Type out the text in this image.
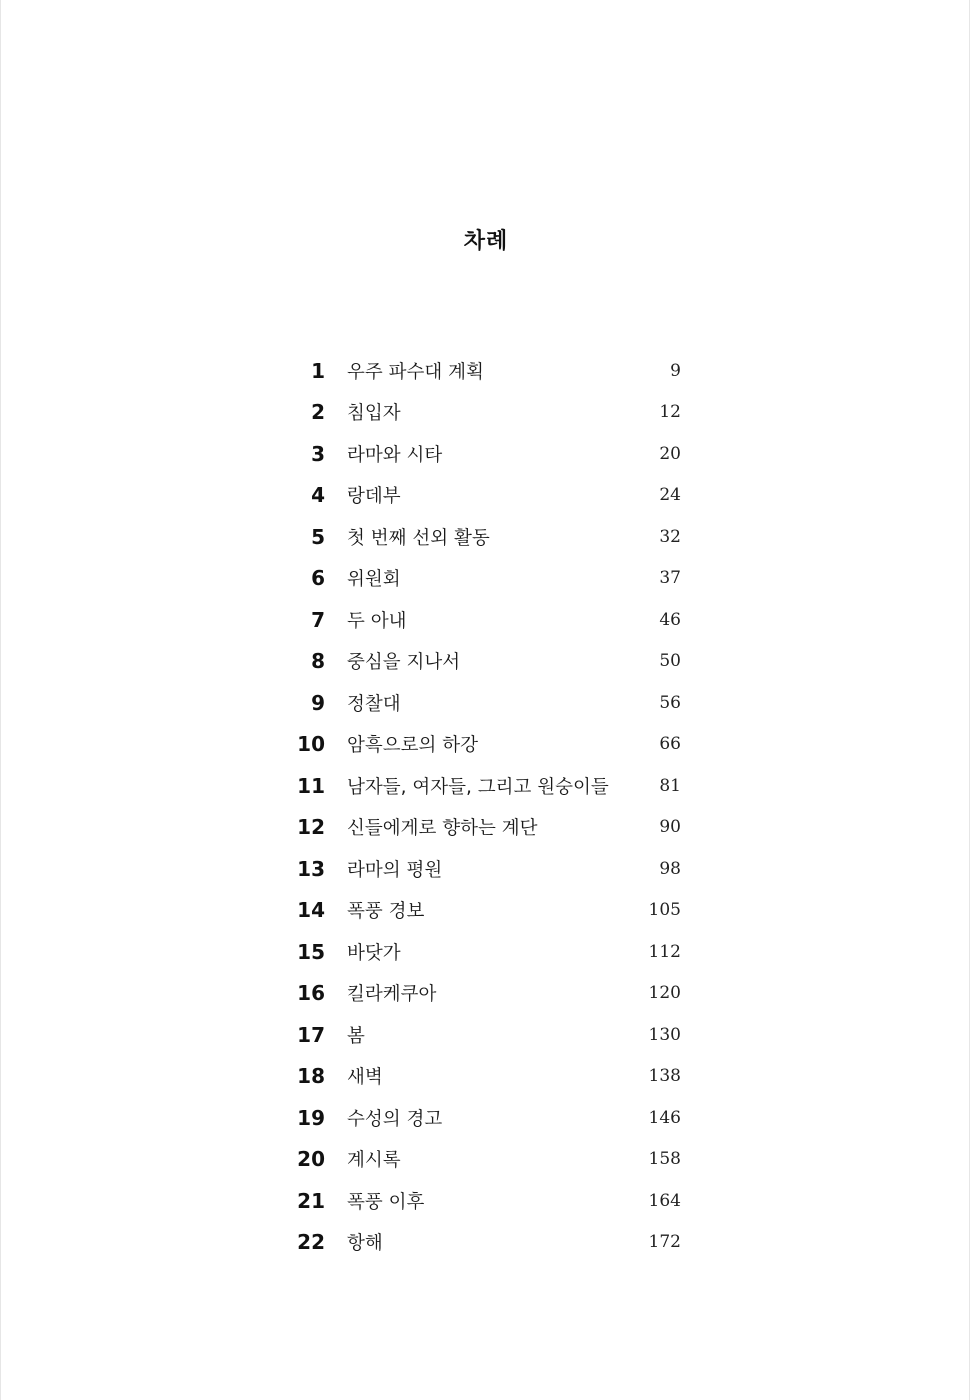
차례
1 우주 파수대 계획	9
2 침입자	12
3 라마와 시타	20
4 랑데부	24
5 첫 번째 선외 활동	32
6 위원회	37
7 두 아내	46
8 중심을 지나서	50
9 정찰대	56
10 암흑으로의 하강	66
11 남자들, 여자들, 그리고 원숭이들	81
12 신들에게로 향하는 계단	90
13 라마의 평원	98
14 폭풍 경보	105
15 바닷가	112
16 킬라케쿠아	120
17 봄	130
18 새벽	138
19 수성의 경고	146
20 계시록	158
21 폭풍 이후	164
22 항해	172
